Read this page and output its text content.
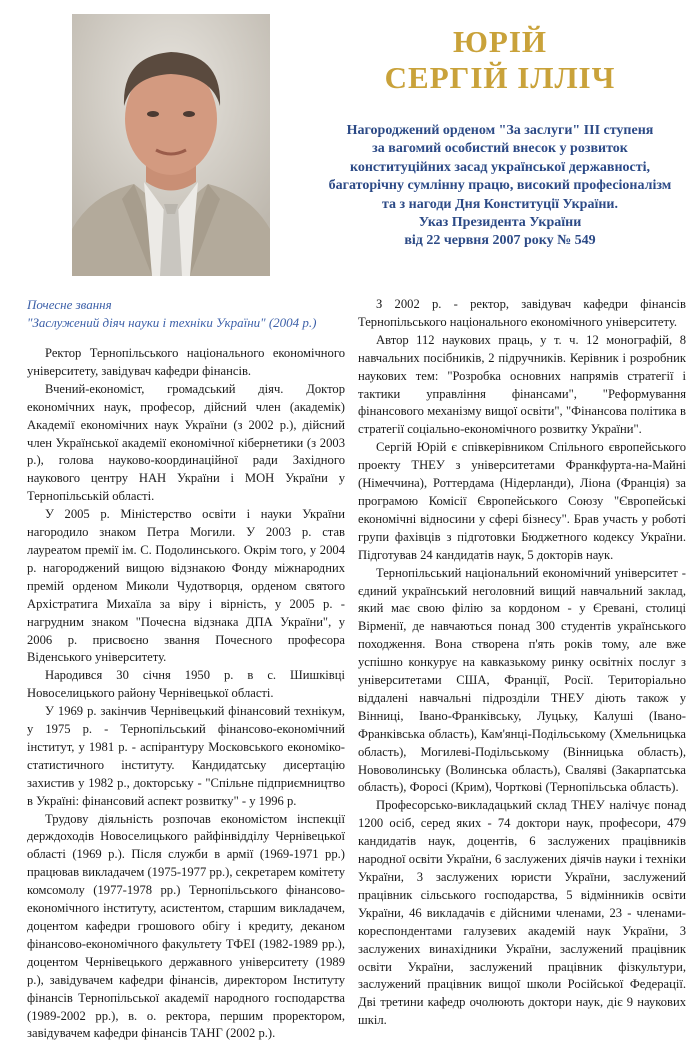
ЮРІЙ
СЕРГІЙ ІЛЛІЧ
Нагороджений орденом "За заслуги" ІІІ ступеня
за вагомий особистий внесок у розвиток
конституційних засад української державності,
багаторічну сумлінну працю, високий професіоналізм
та з нагоди Дня Конституції України.
Указ Президента України
від 22 червня 2007 року № 549
Почесне звання
"Заслужений діяч науки і техніки України" (2004 р.)

Ректор Тернопільського національного економічного університету, завідувач кафедри фінансів.

Вчений-економіст, громадський діяч. Доктор економічних наук, професор, дійсний член (академік) Академії економічних наук України (з 2002 р.), дійсний член Української академії економічної кібернетики (з 2003 р.), голова науково-координаційної ради Західного наукового центру НАН України і МОН України у Тернопільській області.

У 2005 р. Міністерство освіти і науки України нагородило знаком Петра Могили. У 2003 р. став лауреатом премії ім. С. Подолинського. Окрім того, у 2004 р. нагороджений вищою відзнакою Фонду міжнародних премій орденом Миколи Чудотворця, орденом святого Архістратига Михаїла за віру і вірність, у 2005 р. - нагрудним знаком "Почесна відзнака ДПА України", у 2006 р. присвоєно звання Почесного професора Віденського університету.

Народився 30 січня 1950 р. в с. Шишківці Новоселицького району Чернівецької області.

У 1969 р. закінчив Чернівецький фінансовий технікум, у 1975 р. - Тернопільський фінансово-економічний інститут, у 1981 р. - аспірантуру Московського економіко-статистичного інституту. Кандидатську дисертацію захистив у 1982 р., докторську - "Спільне підприємництво в Україні: фінансовий аспект розвитку" - у 1996 р.

Трудову діяльність розпочав економістом інспекції держдоходів Новоселицького райфінвідділу Чернівецької області (1969 р.). Після служби в армії (1969-1971 рр.) працював викладачем (1975-1977 рр.), секретарем комітету комсомолу (1977-1978 рр.) Тернопільського фінансово-економічного інституту, асистентом, старшим викладачем, доцентом кафедри грошового обігу і кредиту, деканом фінансово-економічного факультету ТФЕІ (1982-1989 рр.), доцентом Чернівецького державного університету (1989 р.), завідувачем кафедри фінансів, директором Інституту фінансів Тернопільської академії народного господарства (1989-2002 рр.), в. о. ректора, першим проректором, завідувачем кафедри фінансів ТАНГ (2002 р.).

З 2002 р. - ректор, завідувач кафедри фінансів Тернопільського національного економічного університету.

Автор 112 наукових праць, у т. ч. 12 монографій, 8 навчальних посібників, 2 підручників. Керівник і розробник наукових тем: "Розробка основних напрямів стратегії і тактики управління фінансами", "Реформування фінансового механізму вищої освіти", "Фінансова політика в стратегії соціально-економічного розвитку України".

Сергій Юрій є співкерівником Спільного європейського проекту ТНЕУ з університетами Франкфурта-на-Майні (Німеччина), Роттердама (Нідерланди), Ліона (Франція) за програмою Комісії Європейського Союзу "Європейські економічні відносини у сфері бізнесу". Брав участь у роботі групи фахівців з підготовки Бюджетного кодексу України. Підготував 24 кандидатів наук, 5 докторів наук.

Тернопільський національний економічний університет - єдиний український неголовний вищий навчальний заклад, який має свою філію за кордоном - у Єревані, столиці Вірменії, де навчаються понад 300 студентів українського походження. Вона створена п'ять років тому, але вже успішно конкурує на кавказькому ринку освітніх послуг з університетами США, Франції, Росії. Територіально віддалені навчальні підрозділи ТНЕУ діють також у Вінниці, Івано-Франківську, Луцьку, Калуші (Івано-Франківська область), Кам'янці-Подільському (Хмельницька область), Могилеві-Подільському (Вінницька область), Нововолинську (Волинська область), Сваляві (Закарпатська область), Форосі (Крим), Чорткові (Тернопільська область).

Професорсько-викладацький склад ТНЕУ налічує понад 1200 осіб, серед яких - 74 доктори наук, професори, 479 кандидатів наук, доцентів, 6 заслужених працівників народної освіти України, 6 заслужених діячів науки і техніки України, 3 заслужених юристи України, заслужений працівник сільського господарства, 5 відмінників освіти України, 46 викладачів є дійсними членами, 23 - членами-кореспондентами галузевих академій наук України, 3 заслужених винахідники України, заслужений працівник освіти України, заслужений працівник фізкультури, заслужений працівник вищої школи Російської Федерації. Дві третини кафедр очолюють доктори наук, діє 9 наукових шкіл.
